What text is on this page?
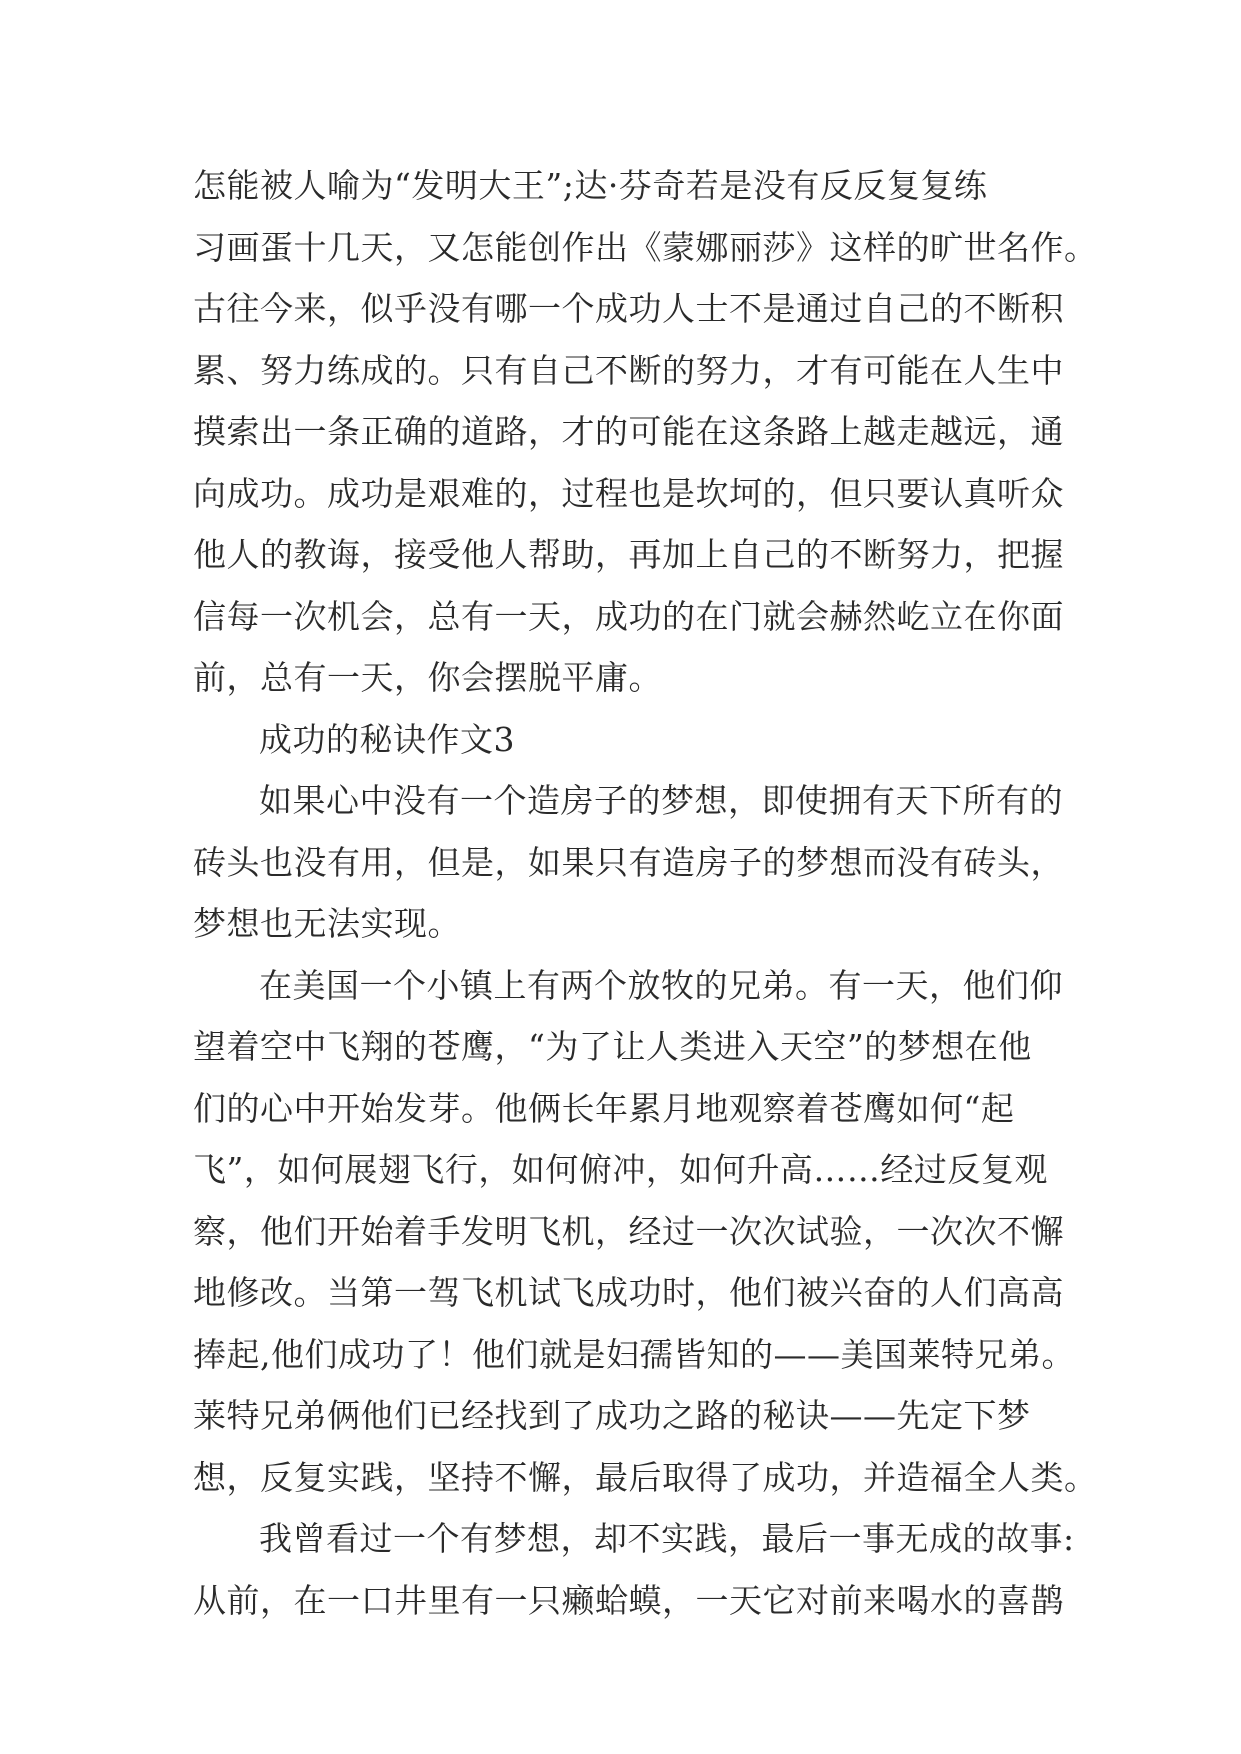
怎能被人喻为“发明大王”;达·芬奇若是没有反反复复练
习画蛋十几天，又怎能创作出《蒙娜丽莎》这样的旷世名作。
古往今来，似乎没有哪一个成功人士不是通过自己的不断积
累、努力练成的。只有自己不断的努力，才有可能在人生中
摸索出一条正确的道路，才的可能在这条路上越走越远，通
向成功。成功是艰难的，过程也是坎坷的，但只要认真听众
他人的教诲，接受他人帮助，再加上自己的不断努力，把握
信每一次机会，总有一天，成功的在门就会赫然屹立在你面
前，总有一天，你会摆脱平庸。
成功的秘诀作文3
如果心中没有一个造房子的梦想，即使拥有天下所有的
砖头也没有用，但是，如果只有造房子的梦想而没有砖头，
梦想也无法实现。
在美国一个小镇上有两个放牧的兄弟。有一天，他们仰
望着空中飞翔的苍鹰，“为了让人类进入天空”的梦想在他
们的心中开始发芽。他俩长年累月地观察着苍鹰如何“起
飞”，如何展翅飞行，如何俯冲，如何升高……经过反复观
察，他们开始着手发明飞机，经过一次次试验，一次次不懈
地修改。当第一驾飞机试飞成功时，他们被兴奋的人们高高
捧起,他们成功了！他们就是妇孺皆知的——美国莱特兄弟。
莱特兄弟俩他们已经找到了成功之路的秘诀——先定下梦
想，反复实践，坚持不懈，最后取得了成功，并造福全人类。
我曾看过一个有梦想，却不实践，最后一事无成的故事:
从前，在一口井里有一只癞蛤蟆，一天它对前来喝水的喜鹊
